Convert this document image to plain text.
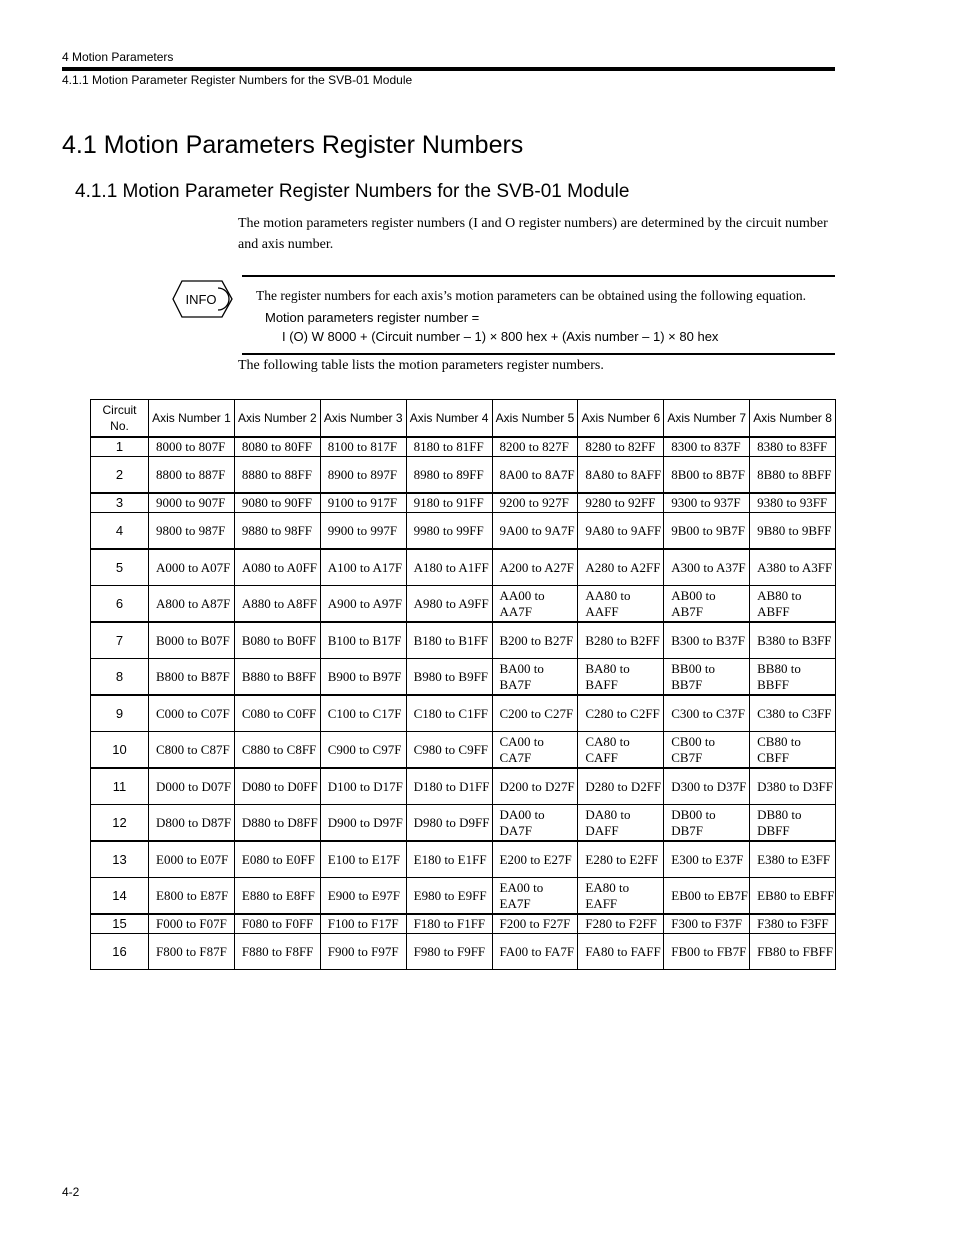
4 Motion Parameters
4.1.1 Motion Parameter Register Numbers for the SVB-01 Module
4.1 Motion Parameters Register Numbers
4.1.1 Motion Parameter Register Numbers for the SVB-01 Module

The motion parameters register numbers (I and O register numbers) are determined by the circuit number and axis number.

INFO	The register numbers for each axis’s motion parameters can be obtained using the following equation.
Motion parameters register number =
I (O) W 8000 + (Circuit number – 1) × 800 hex + (Axis number – 1) × 80 hex
The following table lists the motion parameters register numbers.
Circuit No.	Axis Number 1	Axis Number 2	Axis Number 3	Axis Number 4	Axis Number 5	Axis Number 6	Axis Number 7	Axis Number 8
1	8000 to 807F	8080 to 80FF	8100 to 817F	8180 to 81FF	8200 to 827F	8280 to 82FF	8300 to 837F	8380 to 83FF
2	8800 to 887F	8880 to 88FF	8900 to 897F	8980 to 89FF	8A00 to 8A7F	8A80 to 8AFF	8B00 to 8B7F	8B80 to 8BFF
3	9000 to 907F	9080 to 90FF	9100 to 917F	9180 to 91FF	9200 to 927F	9280 to 92FF	9300 to 937F	9380 to 93FF
4	9800 to 987F	9880 to 98FF	9900 to 997F	9980 to 99FF	9A00 to 9A7F	9A80 to 9AFF	9B00 to 9B7F	9B80 to 9BFF
5	A000 to A07F	A080 to A0FF	A100 to A17F	A180 to A1FF	A200 to A27F	A280 to A2FF	A300 to A37F	A380 to A3FF
6	A800 to A87F	A880 to A8FF	A900 to A97F	A980 to A9FF	AA00 to AA7F	AA80 to AAFF	AB00 to AB7F	AB80 to ABFF
7	B000 to B07F	B080 to B0FF	B100 to B17F	B180 to B1FF	B200 to B27F	B280 to B2FF	B300 to B37F	B380 to B3FF
8	B800 to B87F	B880 to B8FF	B900 to B97F	B980 to B9FF	BA00 to BA7F	BA80 to BAFF	BB00 to BB7F	BB80 to BBFF
9	C000 to C07F	C080 to C0FF	C100 to C17F	C180 to C1FF	C200 to C27F	C280 to C2FF	C300 to C37F	C380 to C3FF
10	C800 to C87F	C880 to C8FF	C900 to C97F	C980 to C9FF	CA00 to CA7F	CA80 to CAFF	CB00 to CB7F	CB80 to CBFF
11	D000 to D07F	D080 to D0FF	D100 to D17F	D180 to D1FF	D200 to D27F	D280 to D2FF	D300 to D37F	D380 to D3FF
12	D800 to D87F	D880 to D8FF	D900 to D97F	D980 to D9FF	DA00 to DA7F	DA80 to DAFF	DB00 to DB7F	DB80 to DBFF
13	E000 to E07F	E080 to E0FF	E100 to E17F	E180 to E1FF	E200 to E27F	E280 to E2FF	E300 to E37F	E380 to E3FF
14	E800 to E87F	E880 to E8FF	E900 to E97F	E980 to E9FF	EA00 to EA7F	EA80 to EAFF	EB00 to EB7F	EB80 to EBFF
15	F000 to F07F	F080 to F0FF	F100 to F17F	F180 to F1FF	F200 to F27F	F280 to F2FF	F300 to F37F	F380 to F3FF
16	F800 to F87F	F880 to F8FF	F900 to F97F	F980 to F9FF	FA00 to FA7F	FA80 to FAFF	FB00 to FB7F	FB80 to FBFF
4-2
